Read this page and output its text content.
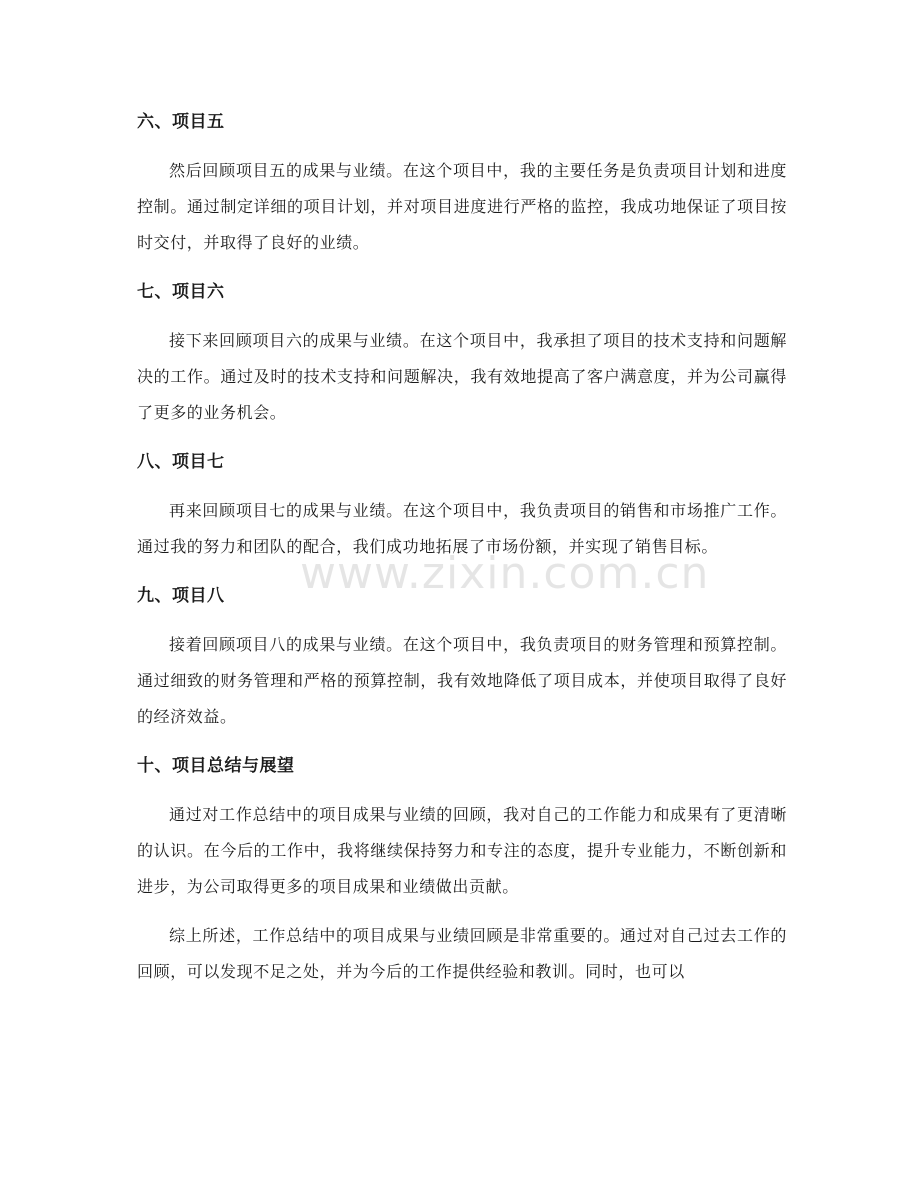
六、项目五

然后回顾项目五的成果与业绩。在这个项目中，我的主要任务是负责项目计划和进度控制。通过制定详细的项目计划，并对项目进度进行严格的监控，我成功地保证了项目按时交付，并取得了良好的业绩。

七、项目六

接下来回顾项目六的成果与业绩。在这个项目中，我承担了项目的技术支持和问题解决的工作。通过及时的技术支持和问题解决，我有效地提高了客户满意度，并为公司赢得了更多的业务机会。

八、项目七

再来回顾项目七的成果与业绩。在这个项目中，我负责项目的销售和市场推广工作。通过我的努力和团队的配合，我们成功地拓展了市场份额，并实现了销售目标。

九、项目八

接着回顾项目八的成果与业绩。在这个项目中，我负责项目的财务管理和预算控制。通过细致的财务管理和严格的预算控制，我有效地降低了项目成本，并使项目取得了良好的经济效益。

十、项目总结与展望

通过对工作总结中的项目成果与业绩的回顾，我对自己的工作能力和成果有了更清晰的认识。在今后的工作中，我将继续保持努力和专注的态度，提升专业能力，不断创新和进步，为公司取得更多的项目成果和业绩做出贡献。

综上所述，工作总结中的项目成果与业绩回顾是非常重要的。通过对自己过去工作的回顾，可以发现不足之处，并为今后的工作提供经验和教训。同时，也可以

www.zixin.com.cn
